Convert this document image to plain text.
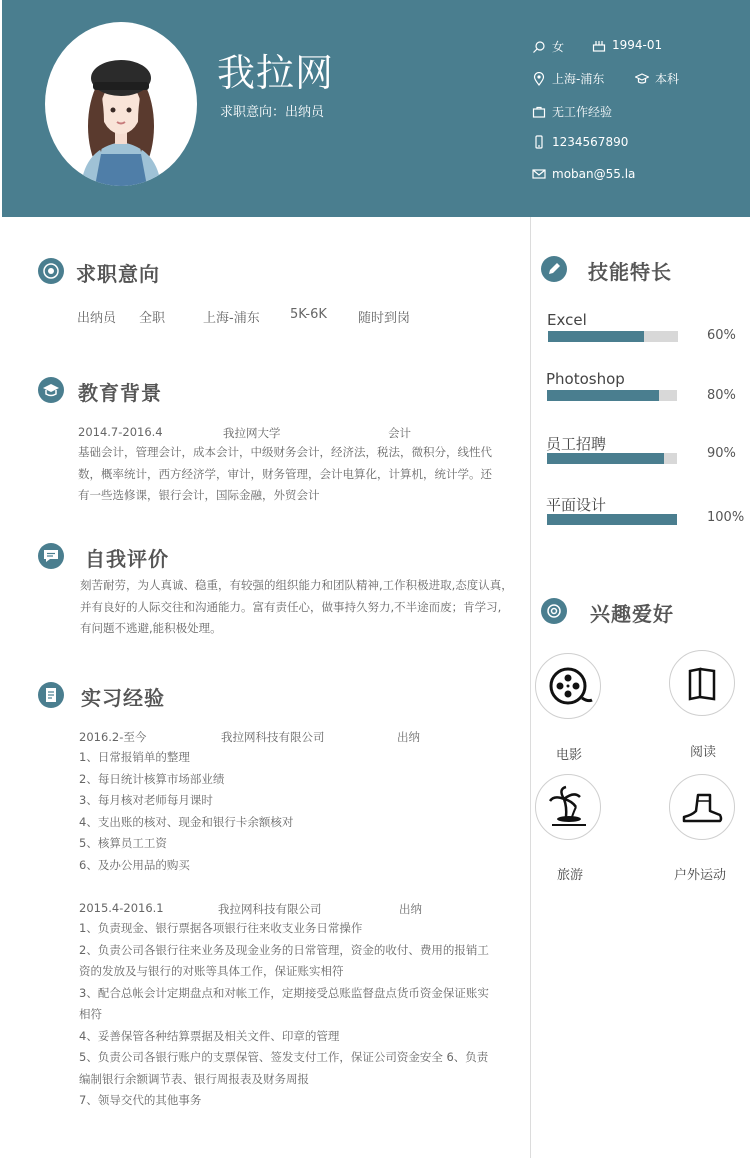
我拉网
求职意向：出纳员
女	1994-01
上海-浦东	本科
无工作经验
1234567890
moban@55.la
求职意向
出纳员 全职	上海-浦东 5K-6K 随时到岗
教育背景
2014.7-2016.4	我拉网大学	会计
基础会计，管理会计，成本会计，中级财务会计，经济法，税法，微积分，线性代
数，概率统计，西方经济学，审计，财务管理，会计电算化，计算机，统计学。还
有一些选修课，银行会计，国际金融，外贸会计
自我评价
刻苦耐劳，为人真诚、稳重，有较强的组织能力和团队精神,工作积极进取,态度认真，
并有良好的人际交往和沟通能力。富有责任心，做事持久努力,不半途而废；肯学习,
有问题不逃避,能积极处理。
实习经验
2016.2-至今	我拉网科技有限公司	出纳
1、日常报销单的整理
2、每日统计核算市场部业绩
3、每月核对老师每月课时
4、支出账的核对、现金和银行卡余额核对
5、核算员工工资
6、及办公用品的购买
2015.4-2016.1	我拉网科技有限公司	出纳
1、负责现金、银行票据各项银行往来收支业务日常操作
2、负责公司各银行往来业务及现金业务的日常管理，资金的收付、费用的报销工
资的发放及与银行的对账等具体工作，保证账实相符
3、配合总帐会计定期盘点和对帐工作，定期接受总账监督盘点货币资金保证账实
相符
4、妥善保管各种结算票据及相关文件、印章的管理
5、负责公司各银行账户的支票保管、签发支付工作，保证公司资金安全 6、负责
编制银行余额调节表、银行周报表及财务周报
7、领导交代的其他事务
技能特长
Excel
60%
Photoshop
80%
员工招聘
90%
平面设计
100%
兴趣爱好
电影	阅读
旅游	户外运动
